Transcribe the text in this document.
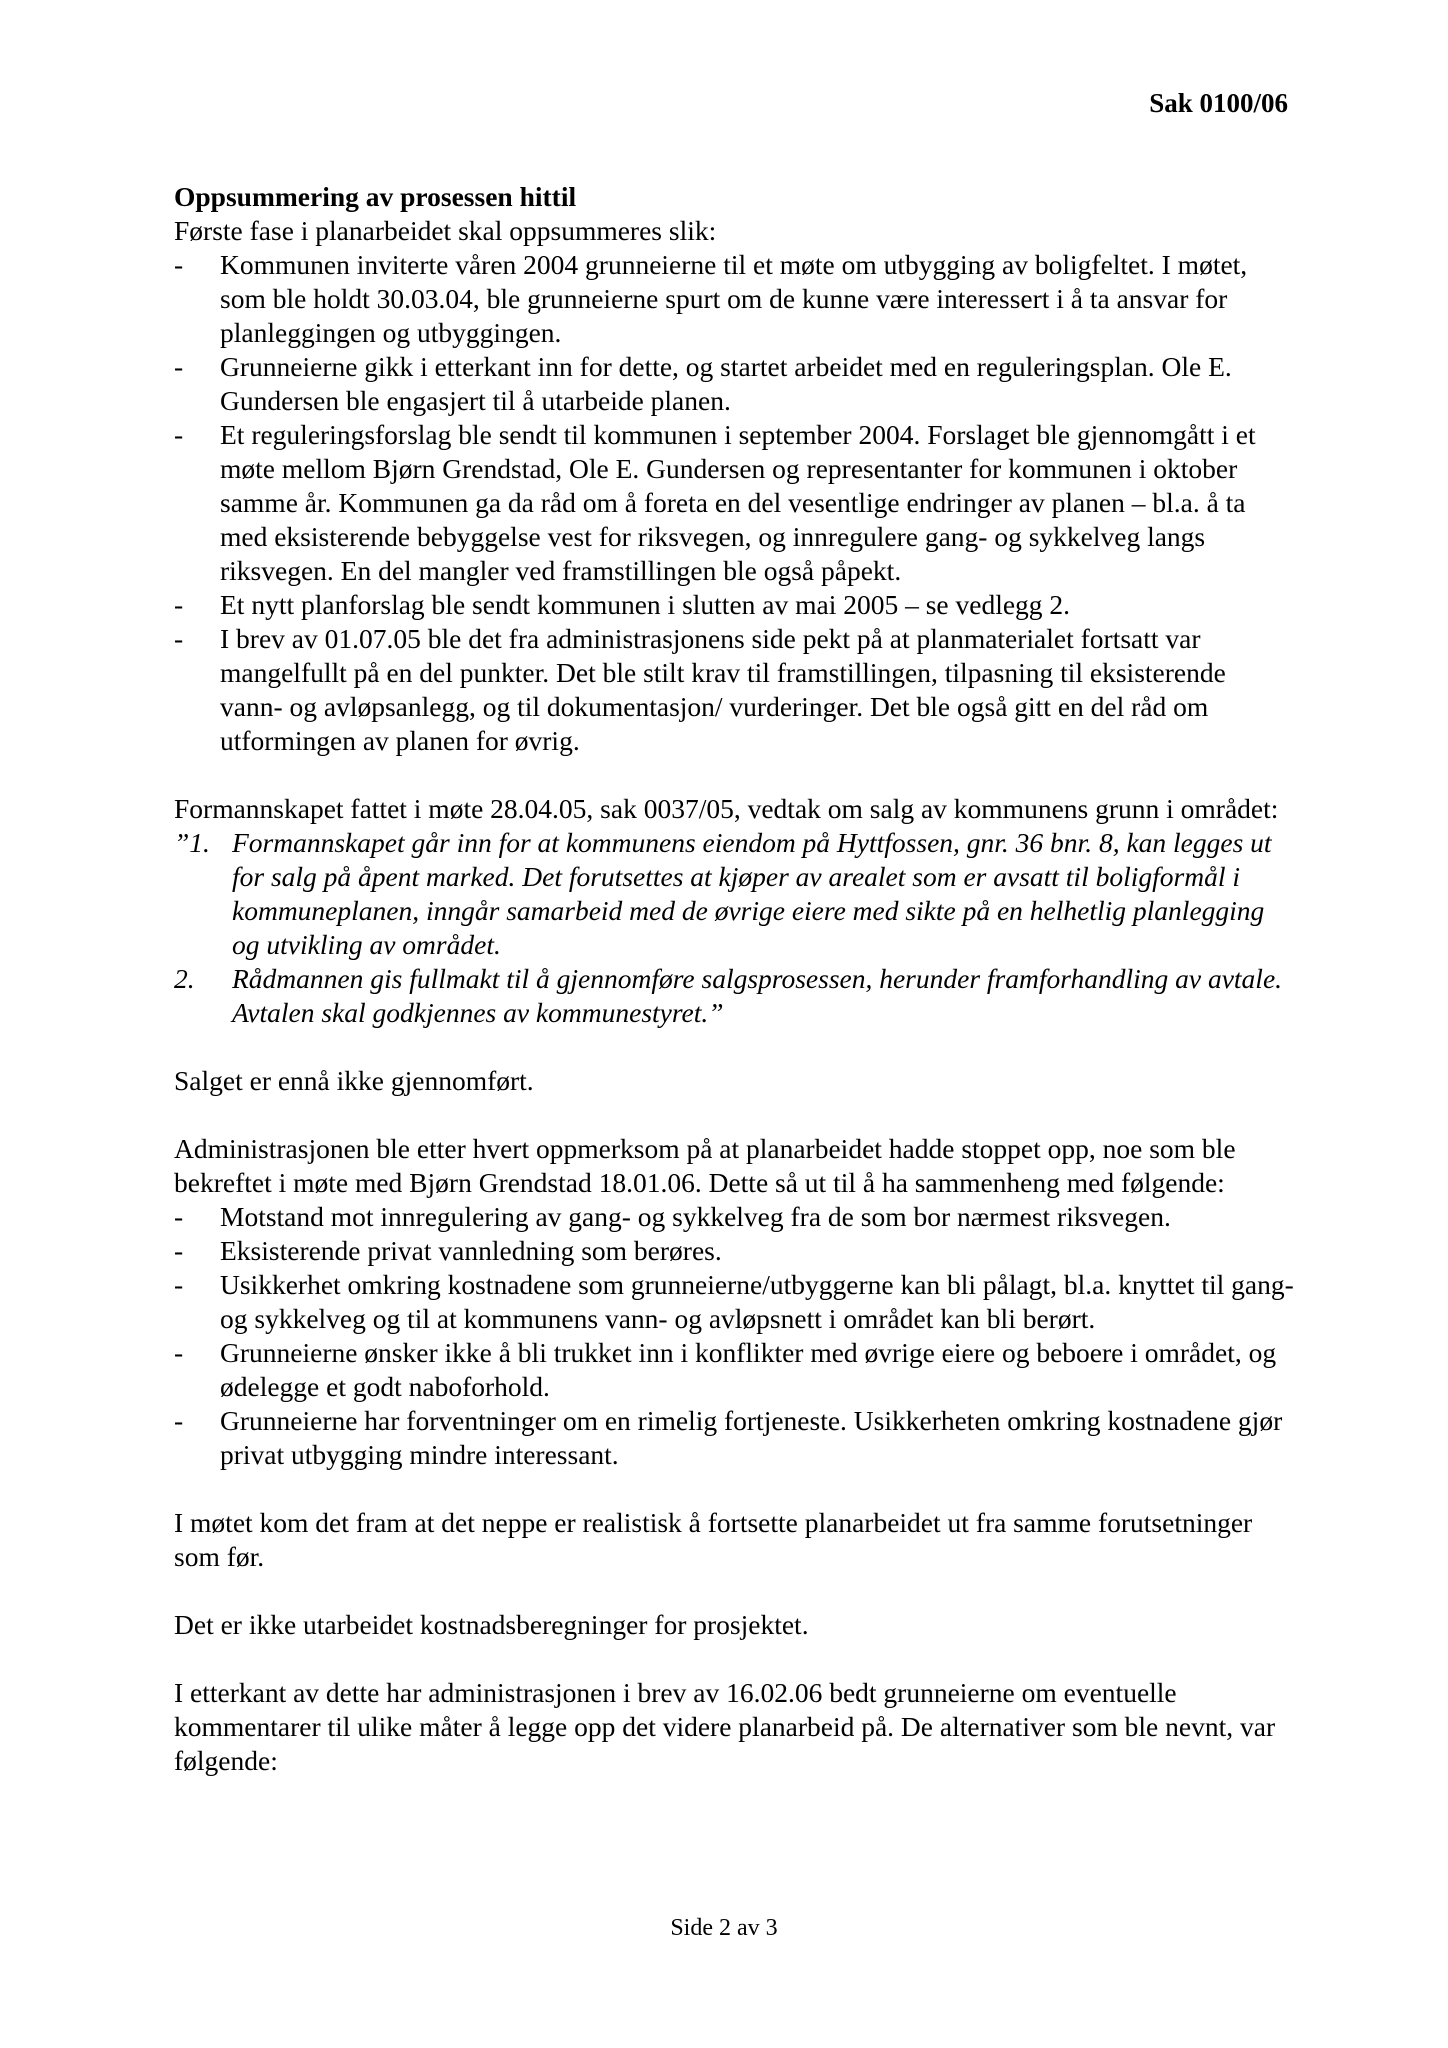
Sak 0100/06

Oppsummering av prosessen hittil

Første fase i planarbeidet skal oppsummeres slik:

- Kommunen inviterte våren 2004 grunneierne til et møte om utbygging av boligfeltet. I møtet, som ble holdt 30.03.04, ble grunneierne spurt om de kunne være interessert i å ta ansvar for planleggingen og utbyggingen.
- Grunneierne gikk i etterkant inn for dette, og startet arbeidet med en reguleringsplan. Ole E. Gundersen ble engasjert til å utarbeide planen.
- Et reguleringsforslag ble sendt til kommunen i september 2004. Forslaget ble gjennomgått i et møte mellom Bjørn Grendstad, Ole E. Gundersen og representanter for kommunen i oktober samme år. Kommunen ga da råd om å foreta en del vesentlige endringer av planen – bl.a. å ta med eksisterende bebyggelse vest for riksvegen, og innregulere gang- og sykkelveg langs riksvegen. En del mangler ved framstillingen ble også påpekt.
- Et nytt planforslag ble sendt kommunen i slutten av mai 2005 – se vedlegg 2.
- I brev av 01.07.05 ble det fra administrasjonens side pekt på at planmaterialet fortsatt var mangelfullt på en del punkter. Det ble stilt krav til framstillingen, tilpasning til eksisterende vann- og avløpsanlegg, og til dokumentasjon/ vurderinger. Det ble også gitt en del råd om utformingen av planen for øvrig.

Formannskapet fattet i møte 28.04.05, sak 0037/05, vedtak om salg av kommunens grunn i området:

”1. Formannskapet går inn for at kommunens eiendom på Hyttfossen, gnr. 36 bnr. 8, kan legges ut for salg på åpent marked. Det forutsettes at kjøper av arealet som er avsatt til boligformål i kommuneplanen, inngår samarbeid med de øvrige eiere med sikte på en helhetlig planlegging og utvikling av området.
2. Rådmannen gis fullmakt til å gjennomføre salgsprosessen, herunder framforhandling av avtale. Avtalen skal godkjennes av kommunestyret.”

Salget er ennå ikke gjennomført.

Administrasjonen ble etter hvert oppmerksom på at planarbeidet hadde stoppet opp, noe som ble bekreftet i møte med Bjørn Grendstad 18.01.06. Dette så ut til å ha sammenheng med følgende:

- Motstand mot innregulering av gang- og sykkelveg fra de som bor nærmest riksvegen.
- Eksisterende privat vannledning som berøres.
- Usikkerhet omkring kostnadene som grunneierne/utbyggerne kan bli pålagt, bl.a. knyttet til gang- og sykkelveg og til at kommunens vann- og avløpsnett i området kan bli berørt.
- Grunneierne ønsker ikke å bli trukket inn i konflikter med øvrige eiere og beboere i området, og ødelegge et godt naboforhold.
- Grunneierne har forventninger om en rimelig fortjeneste. Usikkerheten omkring kostnadene gjør privat utbygging mindre interessant.

I møtet kom det fram at det neppe er realistisk å fortsette planarbeidet ut fra samme forutsetninger som før.

Det er ikke utarbeidet kostnadsberegninger for prosjektet.

I etterkant av dette har administrasjonen i brev av 16.02.06 bedt grunneierne om eventuelle kommentarer til ulike måter å legge opp det videre planarbeid på. De alternativer som ble nevnt, var følgende:

Side 2 av 3
